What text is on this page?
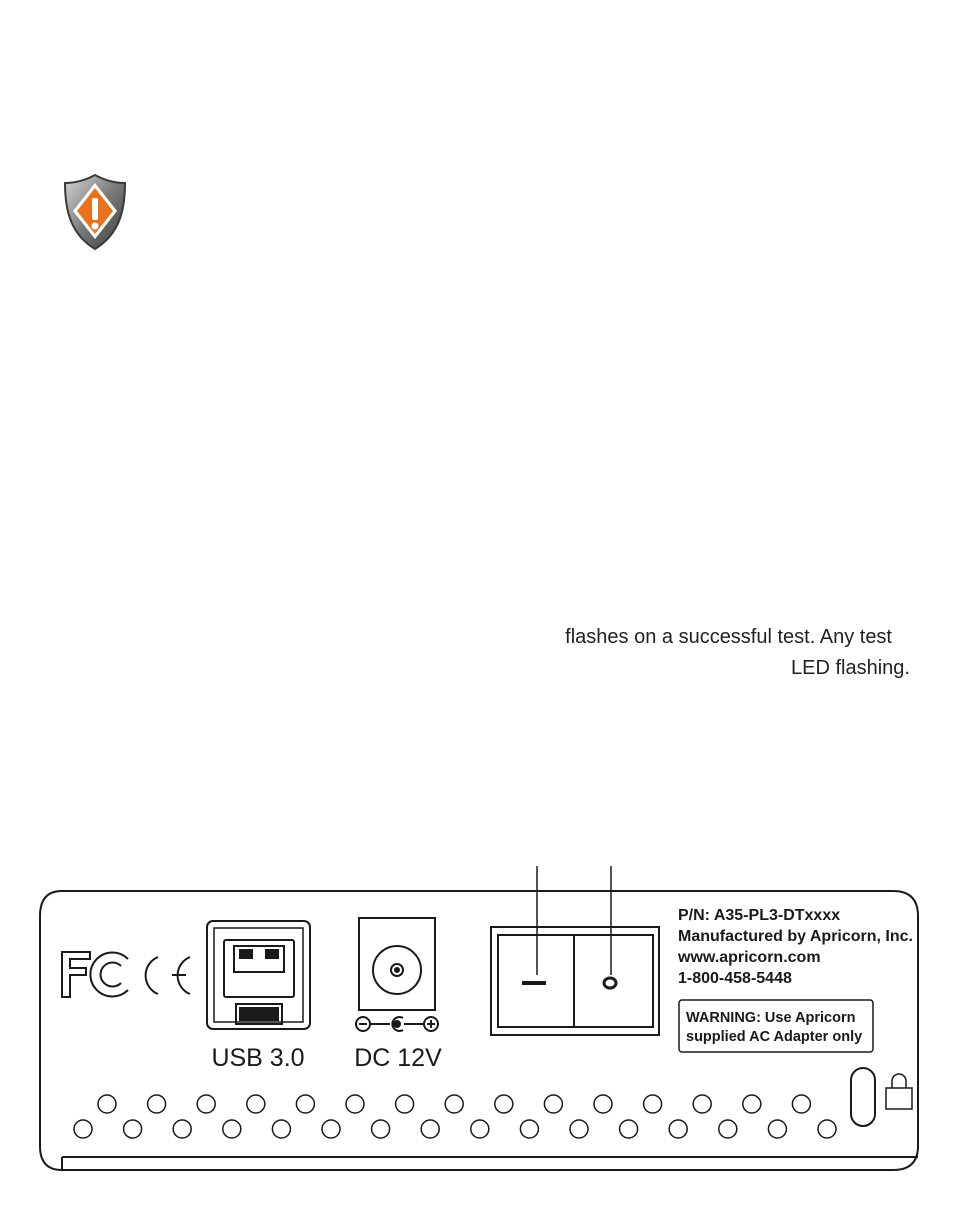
flashes on a successful test. Any test
LED flashing.
USB 3.0 DC 12V
P/N: A35-PL3-DTxxxx
Manufactured by Apricorn, Inc.
www.apricorn.com
1-800-458-5448
WARNING: Use Apricorn
supplied AC Adapter only
